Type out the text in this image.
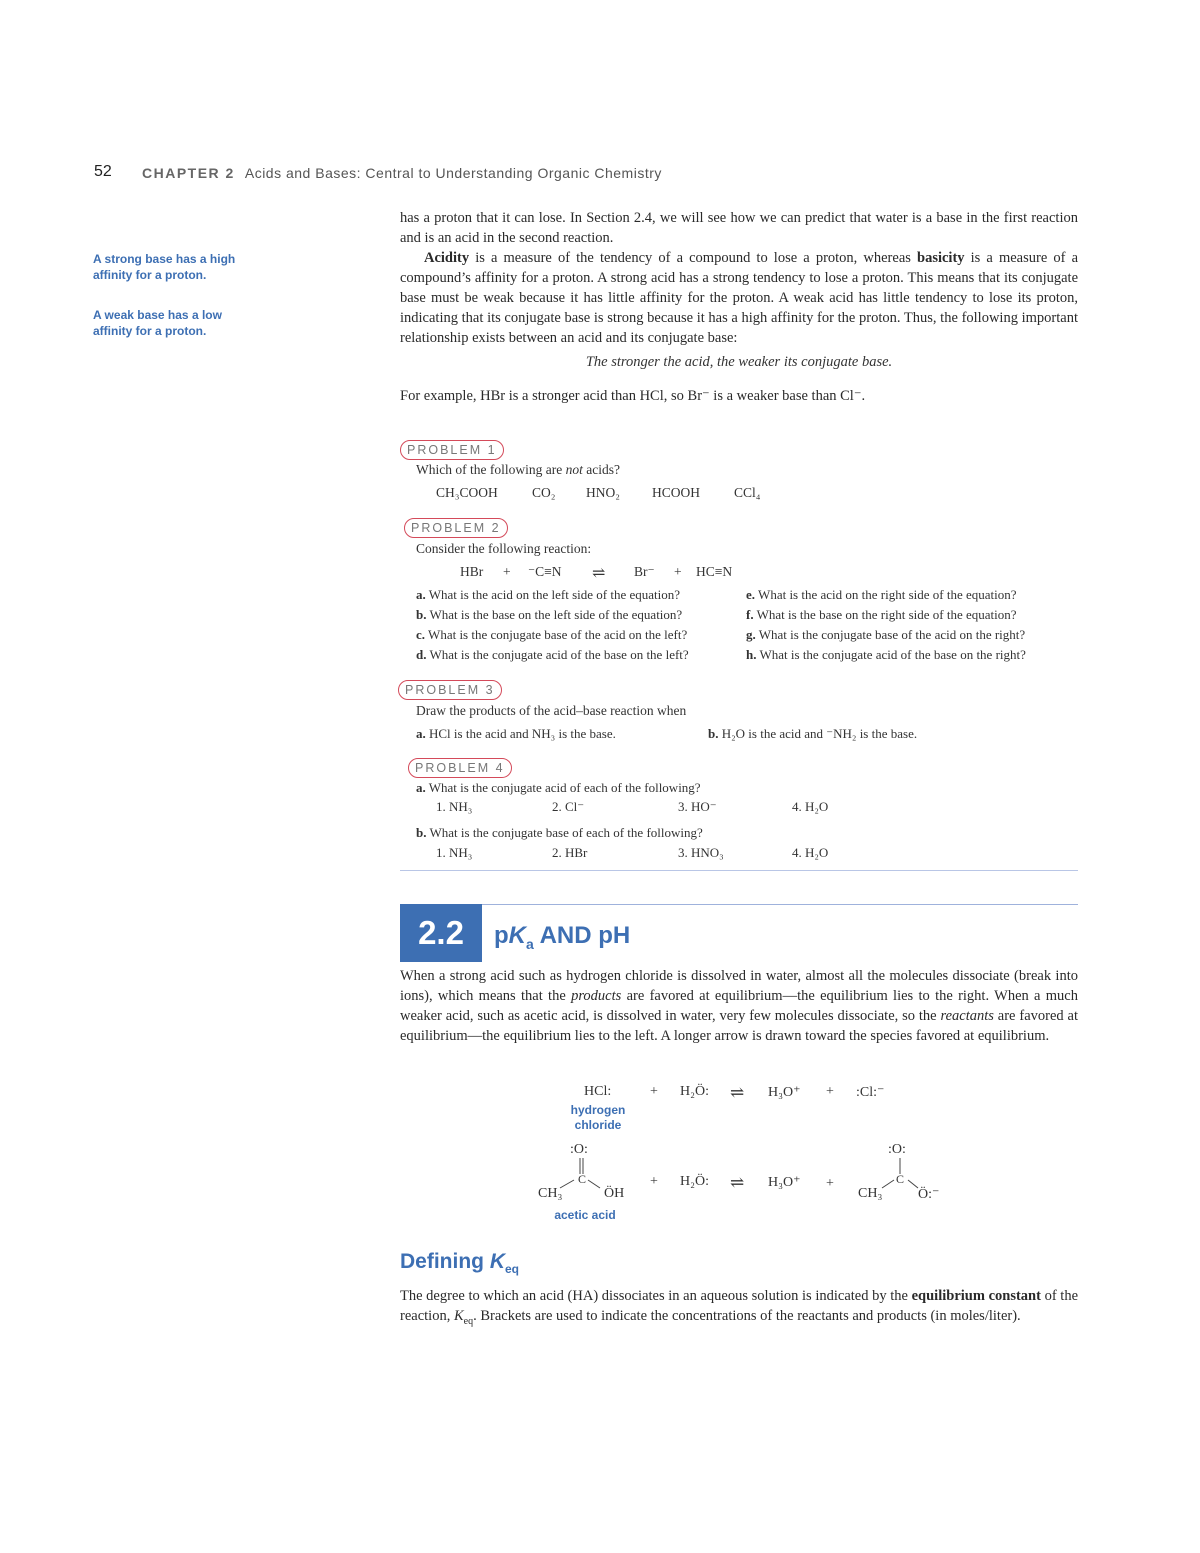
52 CHAPTER 2 Acids and Bases: Central to Understanding Organic Chemistry
A strong base has a high affinity for a proton.
A weak base has a low affinity for a proton.

has a proton that it can lose. In Section 2.4, we will see how we can predict that water is a base in the first reaction and is an acid in the second reaction.

Acidity is a measure of the tendency of a compound to lose a proton, whereas basicity is a measure of a compound’s affinity for a proton. A strong acid has a strong tendency to lose a proton. This means that its conjugate base must be weak because it has little affinity for the proton. A weak acid has little tendency to lose its proton, indicating that its conjugate base is strong because it has a high affinity for the proton. Thus, the following important relationship exists between an acid and its conjugate base:

The stronger the acid, the weaker its conjugate base.
For example, HBr is a stronger acid than HCl, so Br⁻ is a weaker base than Cl⁻.
PROBLEM 1
Which of the following are not acids?
CH₃COOH	CO₂ HNO₂ HCOOH	CCl₄
PROBLEM 2
Consider the following reaction:
HBr + ⁻C≡N ⇌ Br⁻ + HC≡N
a. What is the acid on the left side of the equation?
b. What is the base on the left side of the equation?
c. What is the conjugate base of the acid on the left?
d. What is the conjugate acid of the base on the left?
e. What is the acid on the right side of the equation?
f. What is the base on the right side of the equation?
g. What is the conjugate base of the acid on the right?
h. What is the conjugate acid of the base on the right?
PROBLEM 3
Draw the products of the acid–base reaction when
a. HCl is the acid and NH₃ is the base.	b. H₂O is the acid and ⁻NH₂ is the base.
PROBLEM 4
a. What is the conjugate acid of each of the following?
1. NH₃	2. Cl⁻	3. HO⁻	4. H₂O
b. What is the conjugate base of each of the following?
1. NH₃	2. HBr	3. HNO₃	4. H₂O
2.2	$pK_a$ AND pH
When a strong acid such as hydrogen chloride is dissolved in water, almost all the molecules dissociate (break into ions), which means that the products are favored at equilibrium—the equilibrium lies to the right. When a much weaker acid, such as acetic acid, is dissolved in water, very few molecules dissociate, so the reactants are favored at equilibrium—the equilibrium lies to the left. A longer arrow is drawn toward the species favored at equilibrium.
HCl:	+ H₂Ö: ⇌ H₃O⁺ + :Cl:⁻
hydrogen chloride
:O:
C
CH₃	ÖH
acetic acid
+ H₂Ö: ⇌ H₃O⁺ +
:O:
C
CH₃	Ö:⁻
Defining $K_{eq}$
The degree to which an acid (HA) dissociates in an aqueous solution is indicated by the equilibrium constant of the reaction, $K_{eq}$. Brackets are used to indicate the concentrations of the reactants and products (in moles/liter).
